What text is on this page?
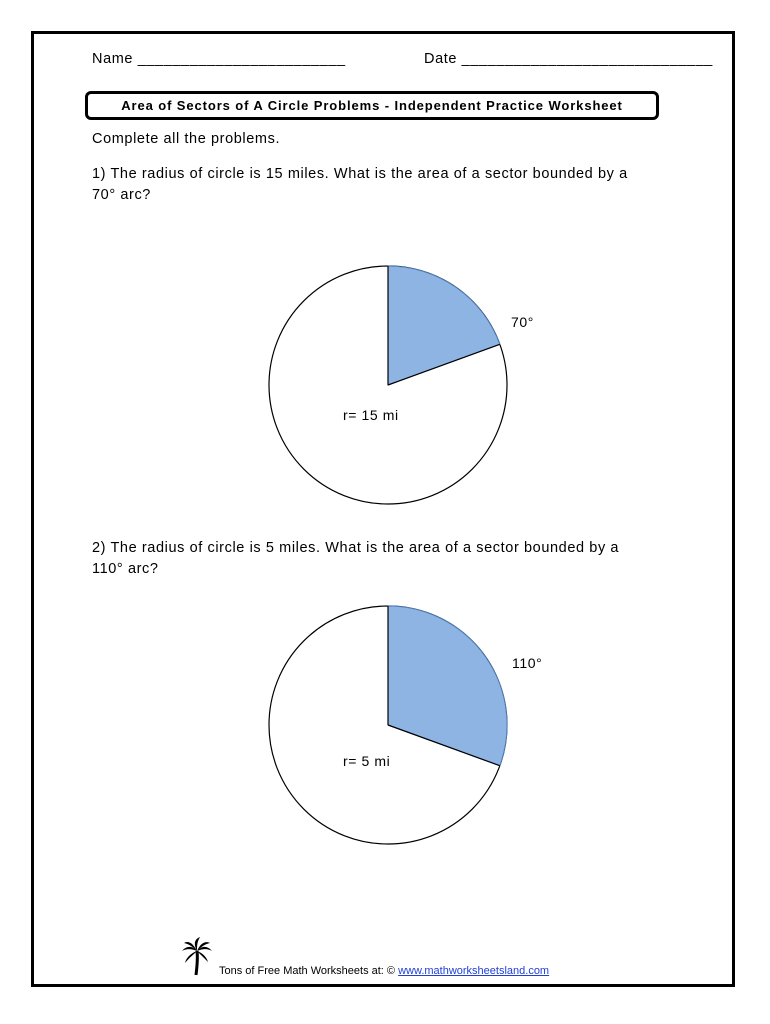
Name ________________________	Date _____________________________
Area of Sectors of A Circle Problems - Independent Practice Worksheet
Complete all the problems.
1) The radius of circle is 15 miles. What is the area of a sector bounded by a
70° arc?
70°
r= 15 mi
2) The radius of circle is 5 miles. What is the area of a sector bounded by a
110° arc?
110°
r= 5 mi
Tons of Free Math Worksheets at: © www.mathworksheetsland.com
